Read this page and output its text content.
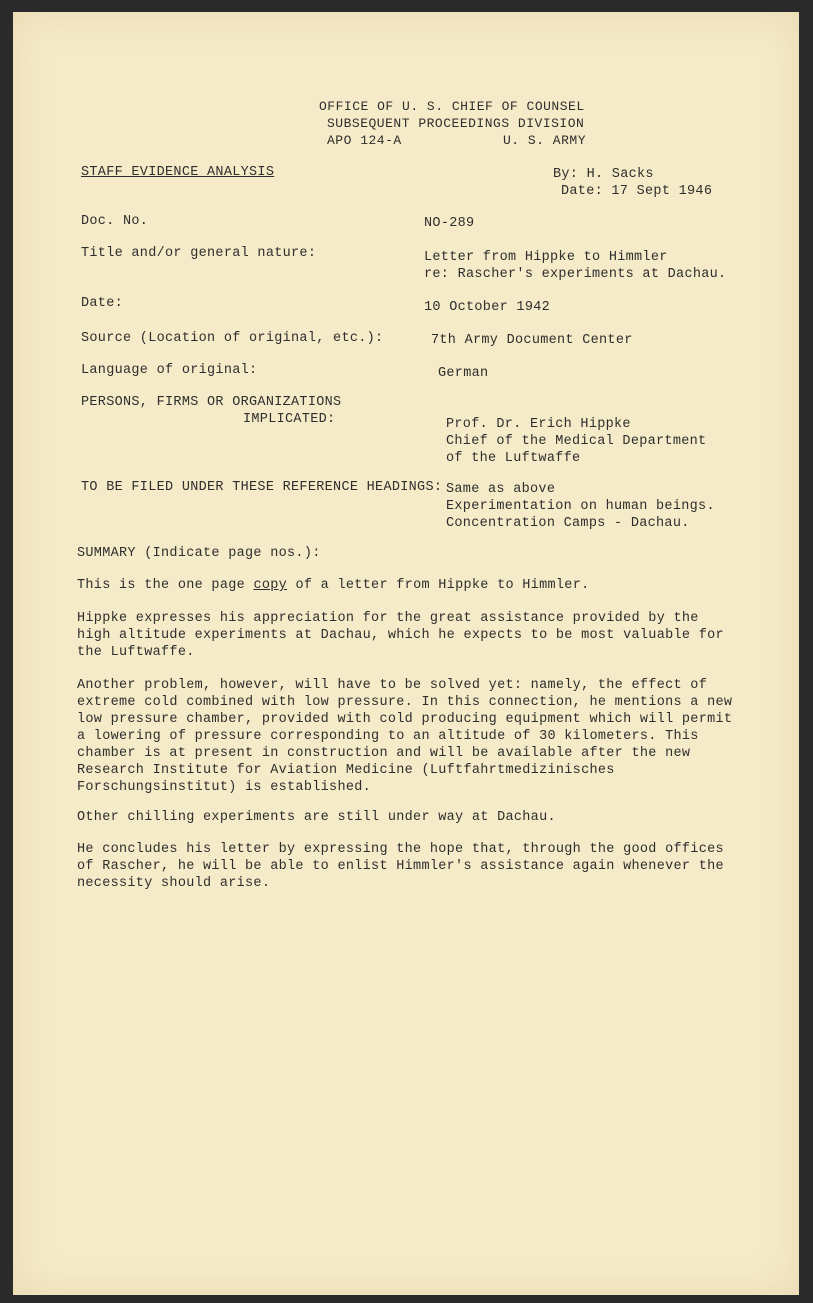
OFFICE OF U. S. CHIEF OF COUNSEL
SUBSEQUENT PROCEEDINGS DIVISION
APO 124-A	U. S. ARMY
STAFF EVIDENCE ANALYSIS	By: H. Sacks
Date: 17 Sept 1946
Doc. No.	NO-289
Title and/or general nature:	Letter from Hippke to Himmler
re: Rascher's experiments at Dachau.
Date:	10 October 1942
Source (Location of original, etc.):	7th Army Document Center
Language of original:	German
PERSONS, FIRMS OR ORGANIZATIONS
IMPLICATED:	Prof. Dr. Erich Hippke
Chief of the Medical Department
of the Luftwaffe
TO BE FILED UNDER THESE REFERENCE HEADINGS: Same as above
Experimentation on human beings.
Concentration Camps - Dachau.
SUMMARY (Indicate page nos.):
This is the one page copy of a letter from Hippke to Himmler.
Hippke expresses his appreciation for the great assistance provided by the
high altitude experiments at Dachau, which he expects to be most valuable for
the Luftwaffe.
Another problem, however, will have to be solved yet: namely, the effect of
extreme cold combined with low pressure. In this connection, he mentions a new
low pressure chamber, provided with cold producing equipment which will permit
a lowering of pressure corresponding to an altitude of 30 kilometers. This
chamber is at present in construction and will be available after the new
Research Institute for Aviation Medicine (Luftfahrtmedizinisches
Forschungsinstitut) is established.
Other chilling experiments are still under way at Dachau.
He concludes his letter by expressing the hope that, through the good offices
of Rascher, he will be able to enlist Himmler's assistance again whenever the
necessity should arise.
